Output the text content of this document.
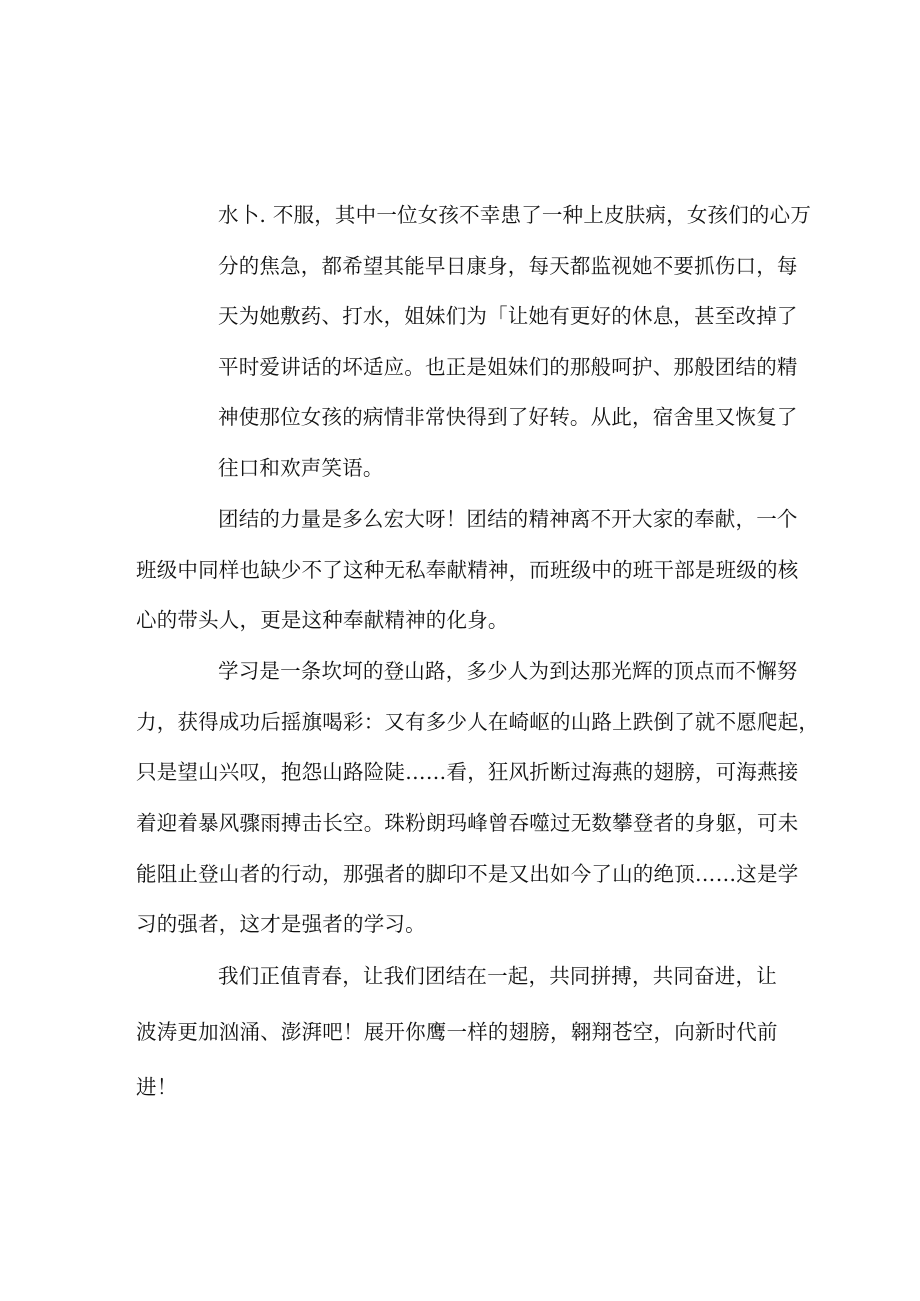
水卜. 不服，其中一位女孩不幸患了一种上皮肤病，女孩们的心万
分的焦急，都希望其能早日康身，每天都监视她不要抓伤口，每
天为她敷药、打水，姐妹们为「让她有更好的休息，甚至改掉了
平时爱讲话的坏适应。也正是姐妹们的那般呵护、那般团结的精
神使那位女孩的病情非常快得到了好转。从此，宿舍里又恢复了
往口和欢声笑语。
团结的力量是多么宏大呀！团结的精神离不开大家的奉献，一个
班级中同样也缺少不了这种无私奉献精神，而班级中的班干部是班级的核
心的带头人，更是这种奉献精神的化身。
学习是一条坎坷的登山路，多少人为到达那光辉的顶点而不懈努
力，获得成功后摇旗喝彩：又有多少人在崎岖的山路上跌倒了就不愿爬起，
只是望山兴叹，抱怨山路险陡……看，狂风折断过海燕的翅膀，可海燕接
着迎着暴风骤雨搏击长空。珠粉朗玛峰曾吞噬过无数攀登者的身躯，可未
能阻止登山者的行动，那强者的脚印不是又出如今了山的绝顶……这是学
习的强者，这才是强者的学习。
我们正值青春，让我们团结在一起，共同拼搏，共同奋进，让
波涛更加汹涌、澎湃吧！展开你鹰一样的翅膀，翱翔苍空，向新时代前
进！
